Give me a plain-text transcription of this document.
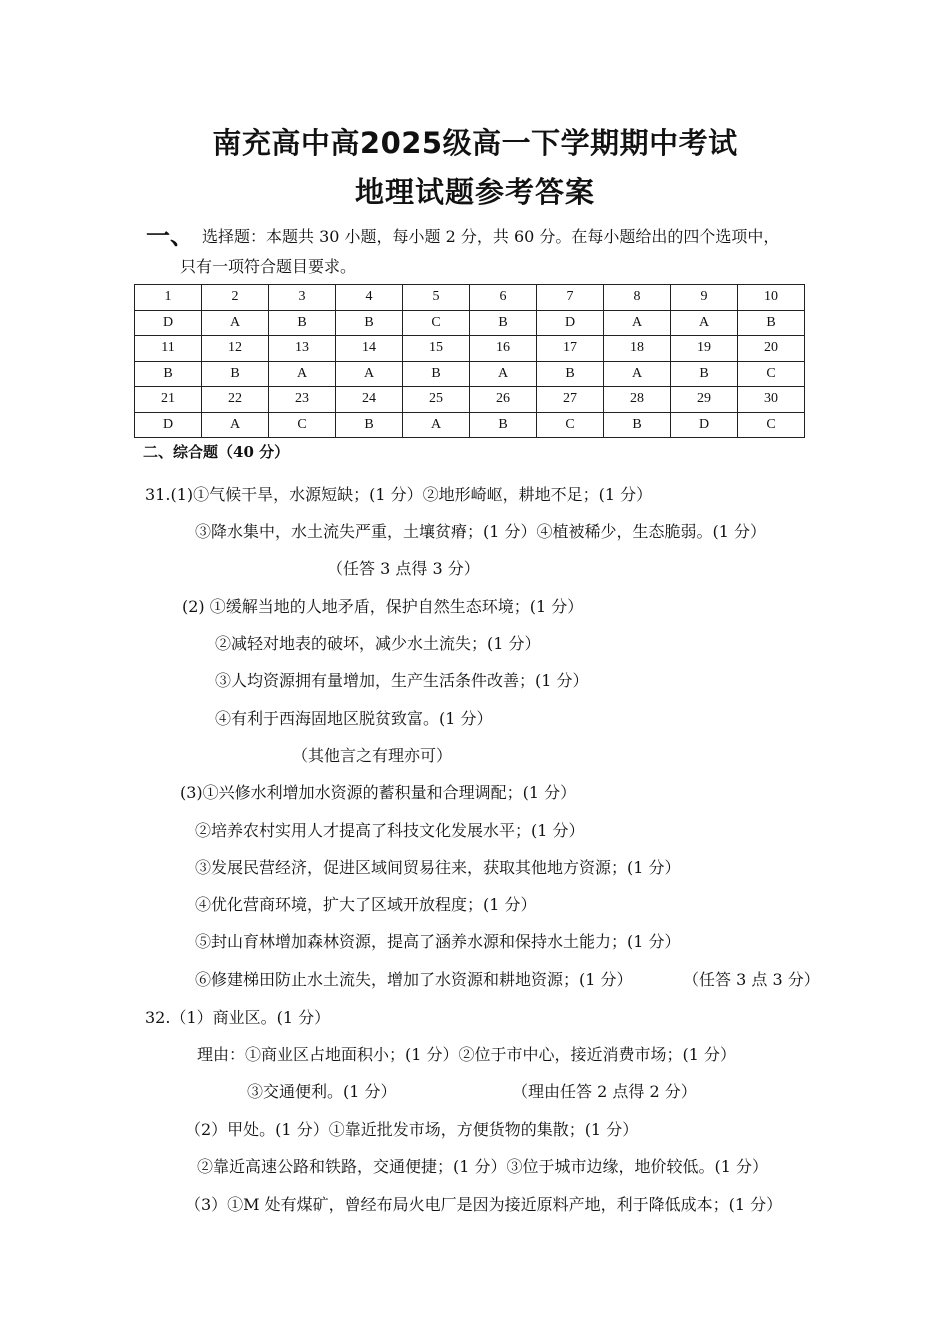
南充高中高2025级高一下学期期中考试
地理试题参考答案
一、 选择题：本题共 30 小题，每小题 2 分，共 60 分。在每小题给出的四个选项中，
只有一项符合题目要求。
1	2	3	4	5	6	7	8	9	10
D	A	B	B	C	B	D	A	A	B
11	12	13	14	15	16	17	18	19	20
B	B	A	A	B	A	B	A	B	C
21	22	23	24	25	26	27	28	29	30
D	A	C	B	A	B	C	B	D	C
二、综合题（40 分）
31.(1)①气候干旱，水源短缺；(1 分）②地形崎岖，耕地不足；(1 分）
③降水集中，水土流失严重，土壤贫瘠；(1 分）④植被稀少，生态脆弱。(1 分）
（任答 3 点得 3 分）
(2) ①缓解当地的人地矛盾，保护自然生态环境；(1 分）
②减轻对地表的破坏，减少水土流失；(1 分）
③人均资源拥有量增加，生产生活条件改善；(1 分）
④有利于西海固地区脱贫致富。(1 分）
（其他言之有理亦可）
(3)①兴修水利增加水资源的蓄积量和合理调配；(1 分）
②培养农村实用人才提高了科技文化发展水平；(1 分）
③发展民营经济，促进区域间贸易往来，获取其他地方资源；(1 分）
④优化营商环境，扩大了区域开放程度；(1 分）
⑤封山育林增加森林资源，提高了涵养水源和保持水土能力；(1 分）
⑥修建梯田防止水土流失，增加了水资源和耕地资源；(1 分）	（任答 3 点 3 分）
32.（1）商业区。(1 分）
理由：①商业区占地面积小；(1 分）②位于市中心，接近消费市场；(1 分）
③交通便利。(1 分）	（理由任答 2 点得 2 分）
（2）甲处。(1 分）①靠近批发市场，方便货物的集散；(1 分）
②靠近高速公路和铁路，交通便捷；(1 分）③位于城市边缘，地价较低。(1 分）
（3）①M 处有煤矿，曾经布局火电厂是因为接近原料产地，利于降低成本；(1 分）
